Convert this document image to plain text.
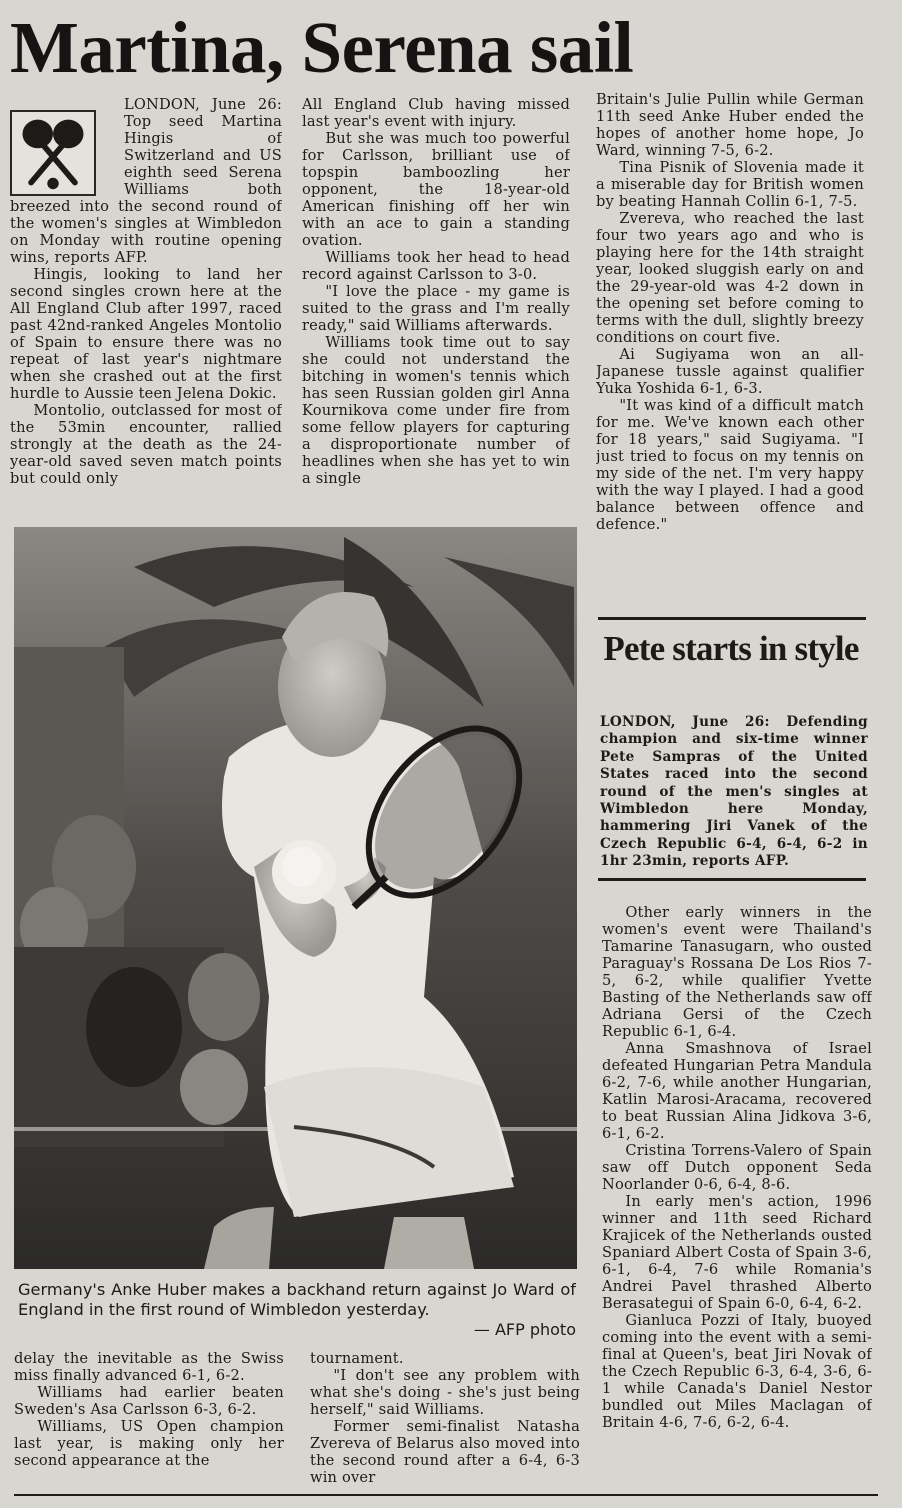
Martina, Serena sail

LONDON, June 26: Top seed Martina Hingis of Switzerland and US eighth seed Serena Williams both breezed into the second round of the women's singles at Wimbledon on Monday with routine opening wins, reports AFP.

Hingis, looking to land her second singles crown here at the All England Club after 1997, raced past 42nd-ranked Angeles Montolio of Spain to ensure there was no repeat of last year's nightmare when she crashed out at the first hurdle to Aussie teen Jelena Dokic.

Montolio, outclassed for most of the 53min encounter, rallied strongly at the death as the 24-year-old saved seven match points but could only

All England Club having missed last year's event with injury.

But she was much too powerful for Carlsson, brilliant use of topspin bamboozling her opponent, the 18-year-old American finishing off her win with an ace to gain a standing ovation.

Williams took her head to head record against Carlsson to 3-0.

"I love the place - my game is suited to the grass and I'm really ready," said Williams afterwards.

Williams took time out to say she could not understand the bitching in women's tennis which has seen Russian golden girl Anna Kournikova come under fire from some fellow players for capturing a disproportionate number of headlines when she has yet to win a single

Britain's Julie Pullin while German 11th seed Anke Huber ended the hopes of another home hope, Jo Ward, winning 7-5, 6-2.

Tina Pisnik of Slovenia made it a miserable day for British women by beating Hannah Collin 6-1, 7-5.

Zvereva, who reached the last four two years ago and who is playing here for the 14th straight year, looked sluggish early on and the 29-year-old was 4-2 down in the opening set before coming to terms with the dull, slightly breezy conditions on court five.

Ai Sugiyama won an all-Japanese tussle against qualifier Yuka Yoshida 6-1, 6-3.

"It was kind of a difficult match for me. We've known each other for 18 years," said Sugiyama. "I just tried to focus on my tennis on my side of the net. I'm very happy with the way I played. I had a good balance between offence and defence."

Germany's Anke Huber makes a backhand return against Jo Ward of England in the first round of Wimbledon yesterday.
— AFP photo

delay the inevitable as the Swiss miss finally advanced 6-1, 6-2.

Williams had earlier beaten Sweden's Asa Carlsson 6-3, 6-2.

Williams, US Open champion last year, is making only her second appearance at the

tournament.

"I don't see any problem with what she's doing - she's just being herself," said Williams.

Former semi-finalist Natasha Zvereva of Belarus also moved into the second round after a 6-4, 6-3 win over

Pete starts in style
LONDON, June 26: Defending champion and six-time winner Pete Sampras of the United States raced into the second round of the men's singles at Wimbledon here Monday, hammering Jiri Vanek of the Czech Republic 6-4, 6-4, 6-2 in 1hr 23min, reports AFP.

Other early winners in the women's event were Thailand's Tamarine Tanasugarn, who ousted Paraguay's Rossana De Los Rios 7-5, 6-2, while qualifier Yvette Basting of the Netherlands saw off Adriana Gersi of the Czech Republic 6-1, 6-4.

Anna Smashnova of Israel defeated Hungarian Petra Mandula 6-2, 7-6, while another Hungarian, Katlin Marosi-Aracama, recovered to beat Russian Alina Jidkova 3-6, 6-1, 6-2.

Cristina Torrens-Valero of Spain saw off Dutch opponent Seda Noorlander 0-6, 6-4, 8-6.

In early men's action, 1996 winner and 11th seed Richard Krajicek of the Netherlands ousted Spaniard Albert Costa of Spain 3-6, 6-1, 6-4, 7-6 while Romania's Andrei Pavel thrashed Alberto Berasategui of Spain 6-0, 6-4, 6-2.

Gianluca Pozzi of Italy, buoyed coming into the event with a semi-final at Queen's, beat Jiri Novak of the Czech Republic 6-3, 6-4, 3-6, 6-1 while Canada's Daniel Nestor bundled out Miles Maclagan of Britain 4-6, 7-6, 6-2, 6-4.
